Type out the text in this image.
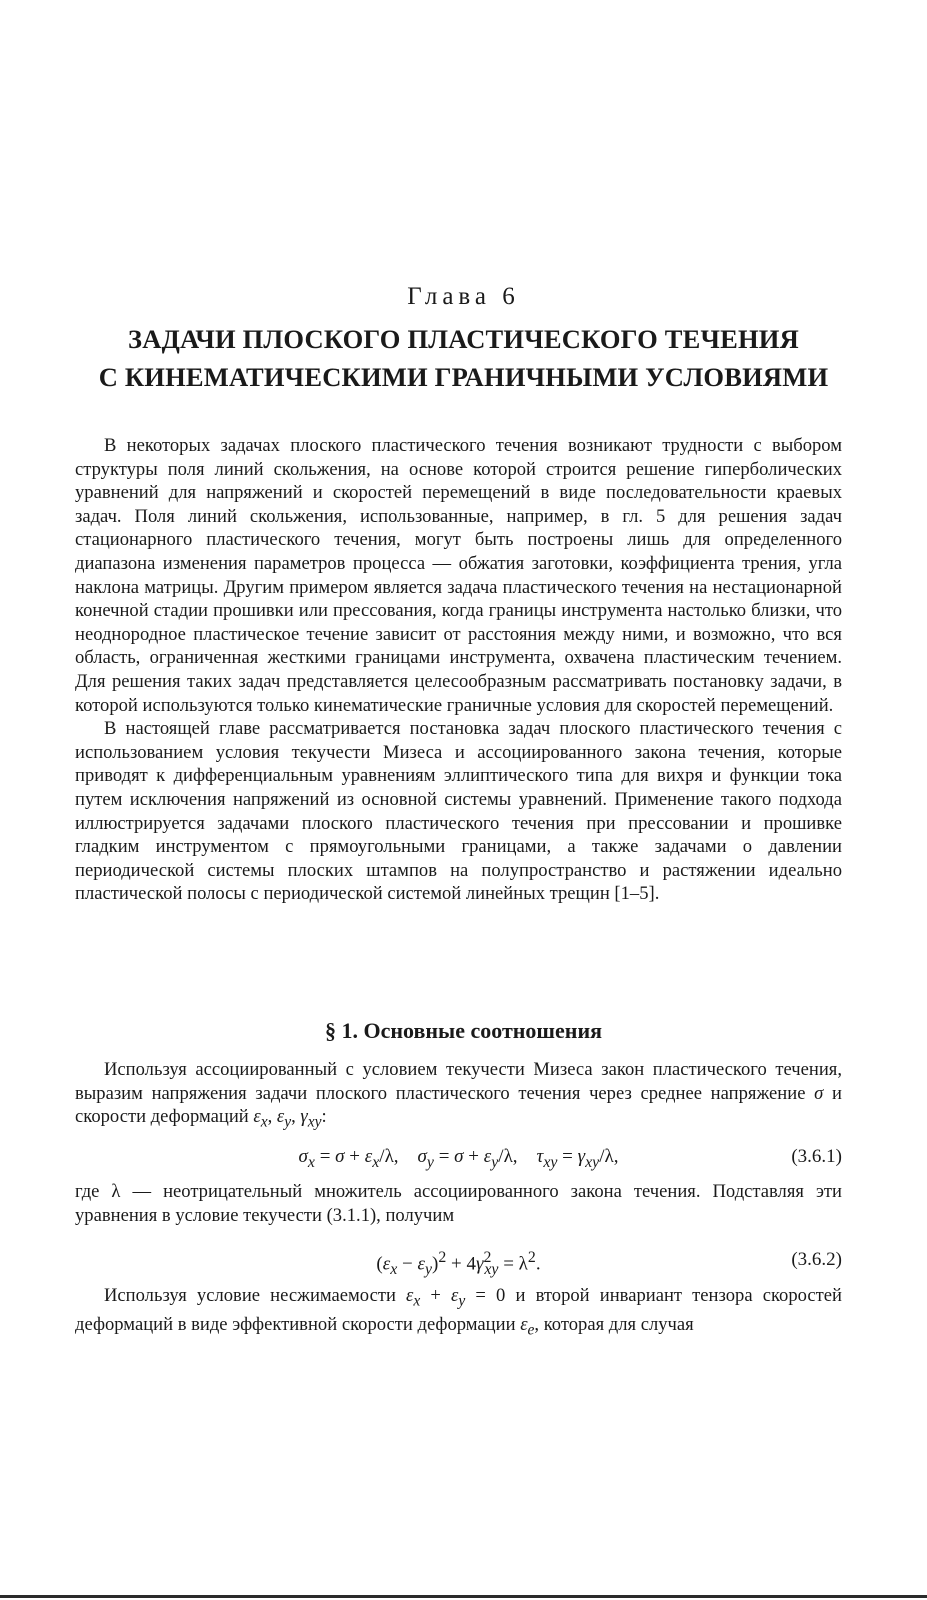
Глава 6
ЗАДАЧИ ПЛОСКОГО ПЛАСТИЧЕСКОГО ТЕЧЕНИЯ
С КИНЕМАТИЧЕСКИМИ ГРАНИЧНЫМИ УСЛОВИЯМИ

В некоторых задачах плоского пластического течения возникают трудности с выбором структуры поля линий скольжения, на основе которой строится решение гиперболических уравнений для напряжений и скоростей перемещений в виде последовательности краевых задач. Поля линий скольжения, использованные, например, в гл. 5 для решения задач стационарного пластического течения, могут быть построены лишь для определенного диапазона изменения параметров процесса — обжатия заготовки, коэффициента трения, угла наклона матрицы. Другим примером является задача пластического течения на нестационарной конечной стадии прошивки или прессования, когда границы инструмента настолько близки, что неоднородное пластическое течение зависит от расстояния между ними, и возможно, что вся область, ограниченная жесткими границами инструмента, охвачена пластическим течением. Для решения таких задач представляется целесообразным рассматривать постановку задачи, в которой используются только кинематические граничные условия для скоростей перемещений.

В настоящей главе рассматривается постановка задач плоского пластического течения с использованием условия текучести Мизеса и ассоциированного закона течения, которые приводят к дифференциальным уравнениям эллиптического типа для вихря и функции тока путем исключения напряжений из основной системы уравнений. Применение такого подхода иллюстрируется задачами плоского пластического течения при прессовании и прошивке гладким инструментом с прямоугольными границами, а также задачами о давлении периодической системы плоских штампов на полупространство и растяжении идеально пластической полосы с периодической системой линейных трещин [1–5].

§ 1. Основные соотношения

Используя ассоциированный с условием текучести Мизеса закон пластического течения, выразим напряжения задачи плоского пластического течения через среднее напряжение σ и скорости деформаций $\varepsilon_x$, $\varepsilon_y$, $\gamma_{xy}$:

$\sigma_x = \sigma + \varepsilon_x/\lambda$,    $\sigma_y = \sigma + \varepsilon_y/\lambda$,    $\tau_{xy} = \gamma_{xy}/\lambda$,	(3.6.1)

где λ — неотрицательный множитель ассоциированного закона течения. Подставляя эти уравнения в условие текучести (3.1.1), получим

$(\varepsilon_x - \varepsilon_y)^2 + 4\gamma^2_{xy} = \lambda^2$.	(3.6.2)

Используя условие несжимаемости $\varepsilon_x + \varepsilon_y = 0$ и второй инвариант тензора скоростей деформаций в виде эффективной скорости деформации $\varepsilon_e$, которая для случая
